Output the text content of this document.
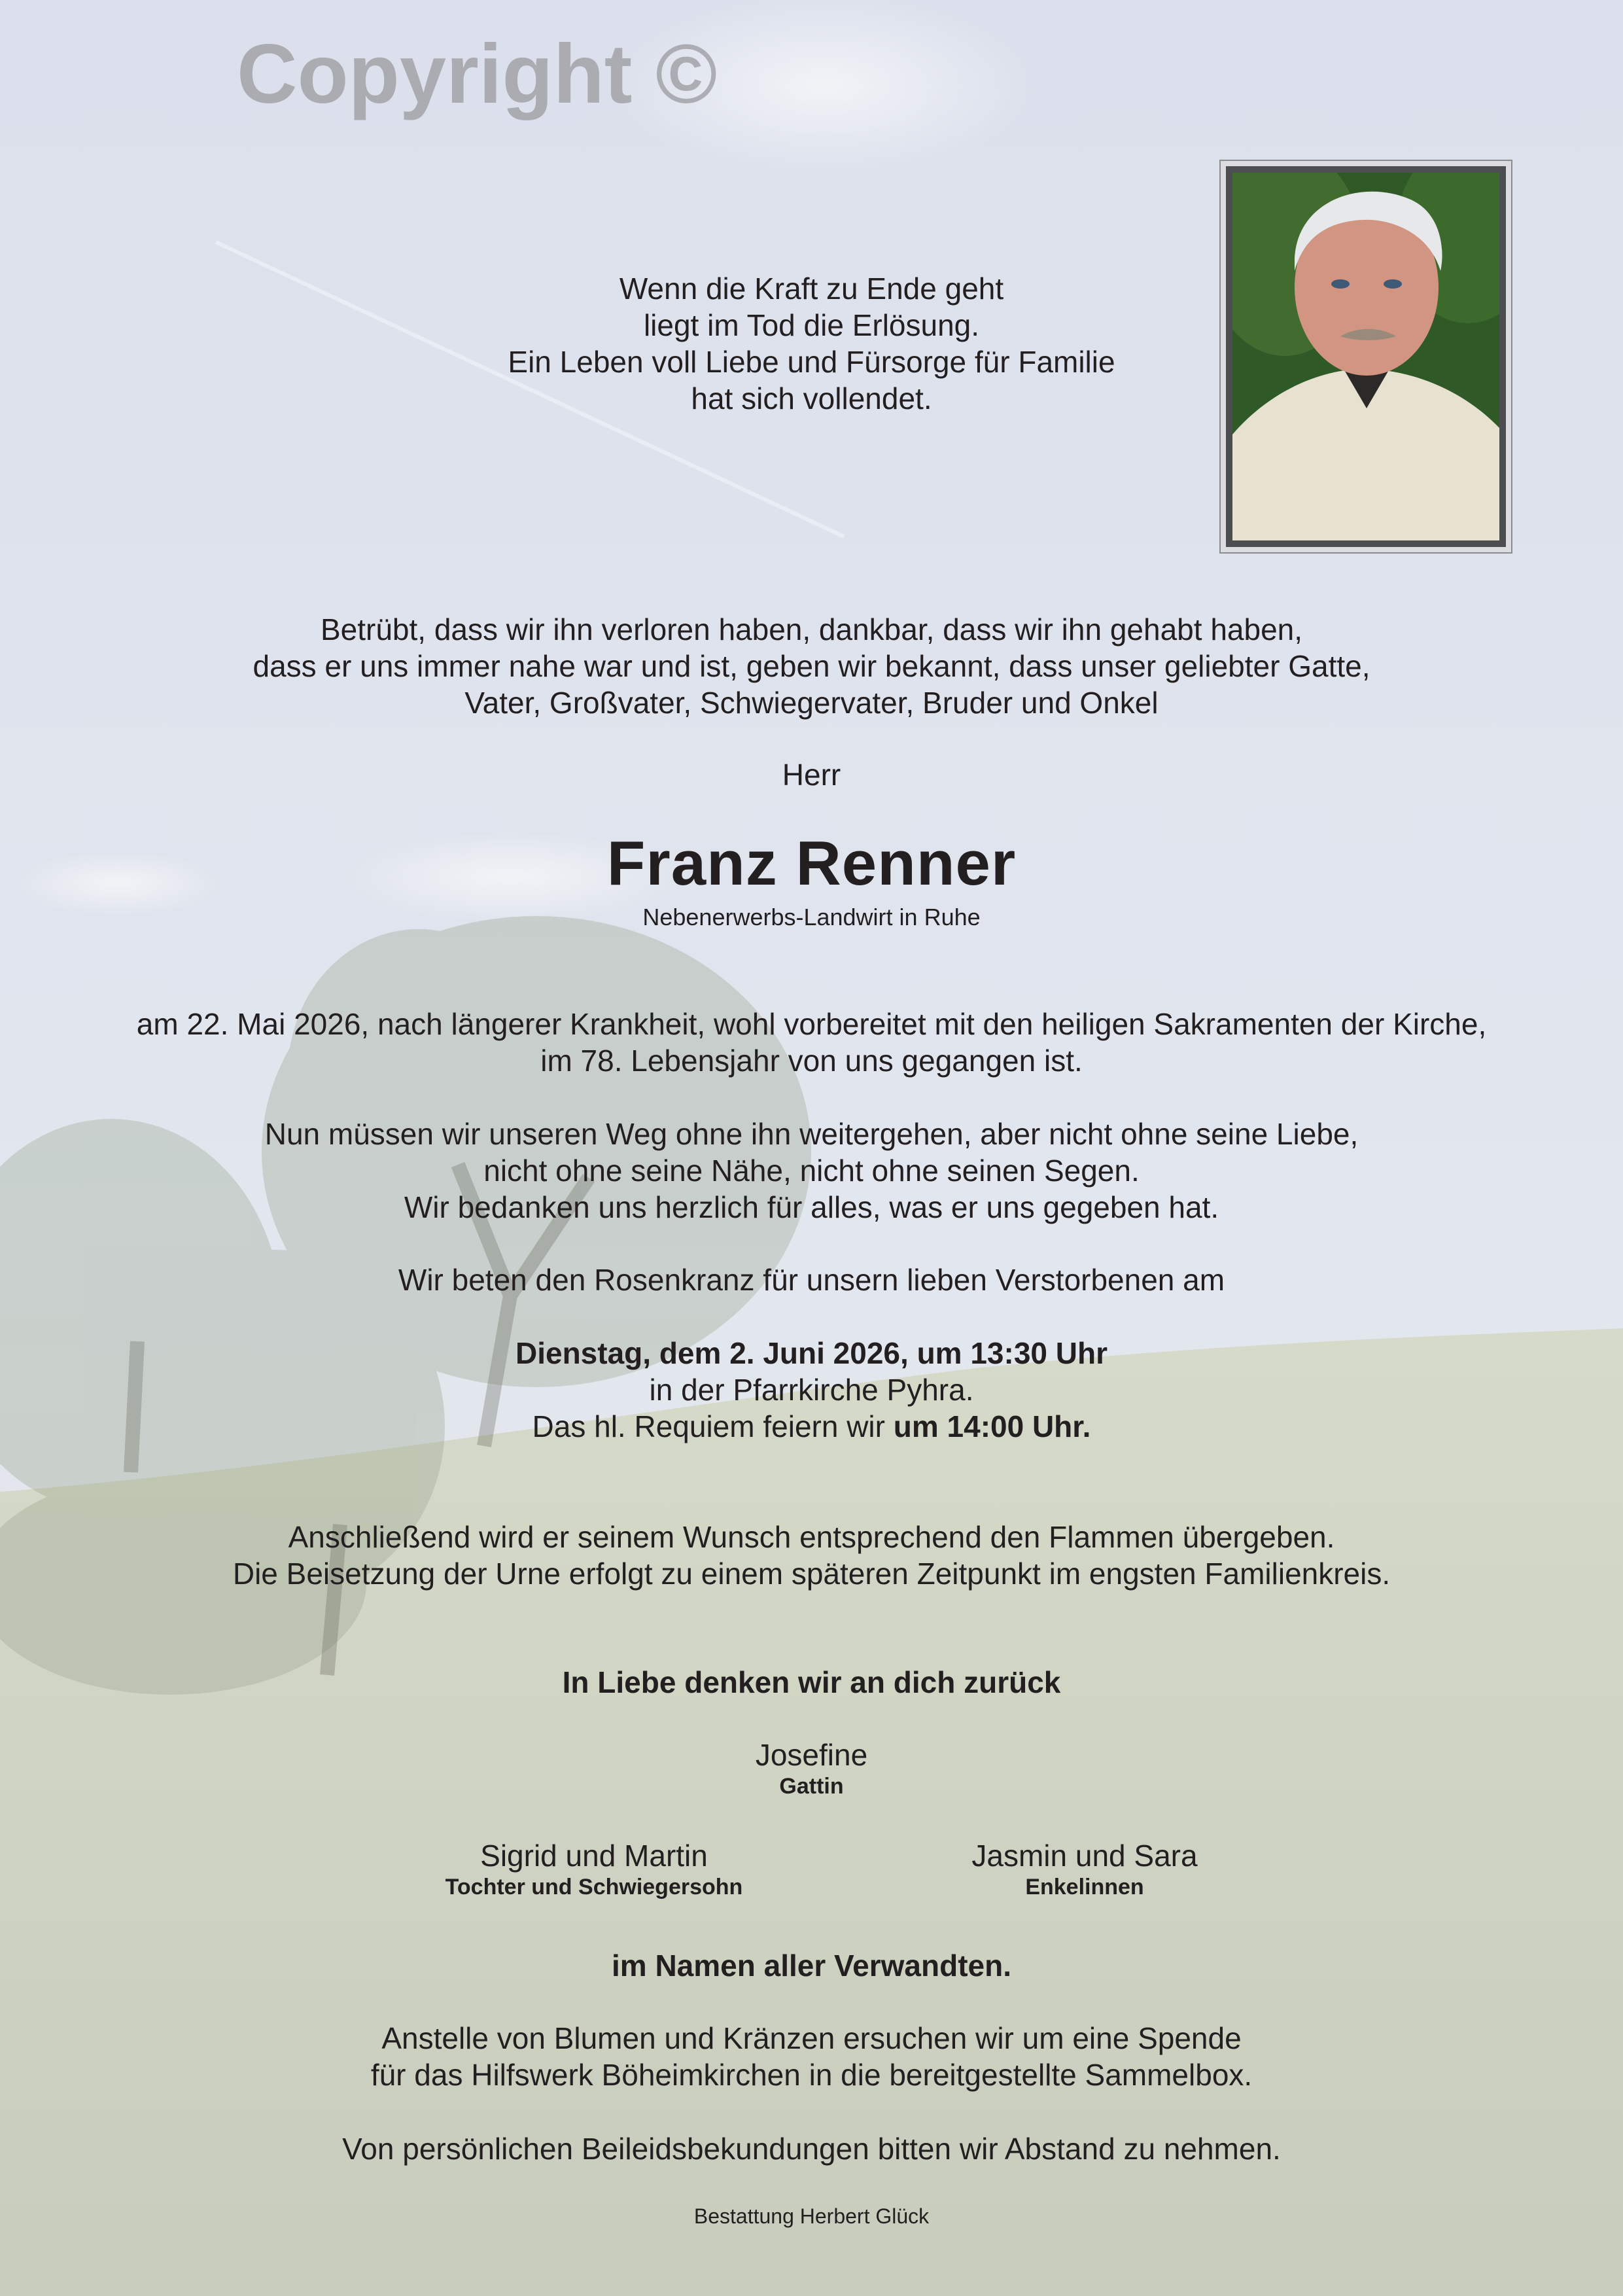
Copyright ©
Wenn die Kraft zu Ende geht
liegt im Tod die Erlösung.
Ein Leben voll Liebe und Fürsorge für Familie
hat sich vollendet.
Betrübt, dass wir ihn verloren haben, dankbar, dass wir ihn gehabt haben,
dass er uns immer nahe war und ist, geben wir bekannt, dass unser geliebter Gatte,
Vater, Großvater, Schwiegervater, Bruder und Onkel
Herr
Franz Renner
Nebenerwerbs-Landwirt in Ruhe
am 22. Mai 2026, nach längerer Krankheit, wohl vorbereitet mit den heiligen Sakramenten der Kirche,
im 78. Lebensjahr von uns gegangen ist.
Nun müssen wir unseren Weg ohne ihn weitergehen, aber nicht ohne seine Liebe,
nicht ohne seine Nähe, nicht ohne seinen Segen.
Wir bedanken uns herzlich für alles, was er uns gegeben hat.
Wir beten den Rosenkranz für unsern lieben Verstorbenen am
Dienstag, dem 2. Juni 2026, um 13:30 Uhr
in der Pfarrkirche Pyhra.
Das hl. Requiem feiern wir um 14:00 Uhr.
Anschließend wird er seinem Wunsch entsprechend den Flammen übergeben.
Die Beisetzung der Urne erfolgt zu einem späteren Zeitpunkt im engsten Familienkreis.
In Liebe denken wir an dich zurück
Josefine
Gattin
Sigrid und Martin
Tochter und Schwiegersohn
Jasmin und Sara
Enkelinnen
im Namen aller Verwandten.
Anstelle von Blumen und Kränzen ersuchen wir um eine Spende
für das Hilfswerk Böheimkirchen in die bereitgestellte Sammelbox.
Von persönlichen Beileidsbekundungen bitten wir Abstand zu nehmen.
Bestattung Herbert Glück
